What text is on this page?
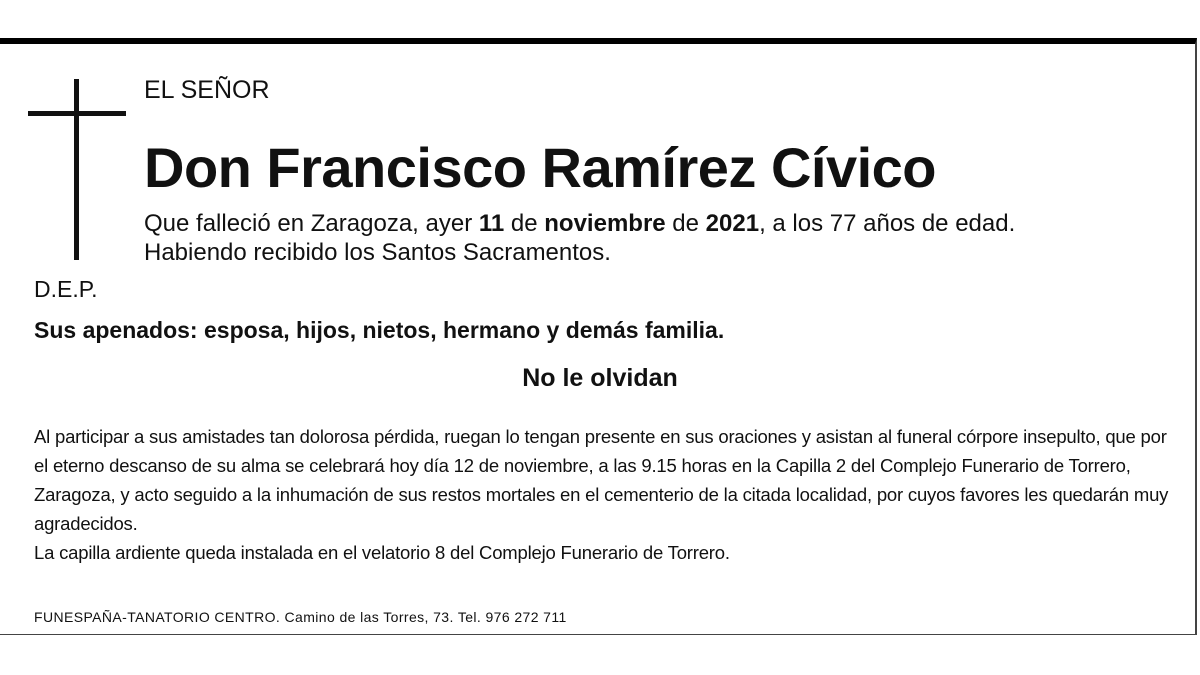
EL SEÑOR
Don Francisco Ramírez Cívico
Que falleció en Zaragoza, ayer 11 de noviembre de 2021, a los 77 años de edad.
Habiendo recibido los Santos Sacramentos.
D.E.P.
Sus apenados: esposa, hijos, nietos, hermano y demás familia.
No le olvidan

Al participar a sus amistades tan dolorosa pérdida, ruegan lo tengan presente en sus oraciones y asistan al funeral córpore insepulto, que por el eterno descanso de su alma se celebrará hoy día 12 de noviembre, a las 9.15 horas en la Capilla 2 del Complejo Funerario de Torrero, Zaragoza, y acto seguido a la inhumación de sus restos mortales en el cementerio de la citada localidad, por cuyos favores les quedarán muy agradecidos.

La capilla ardiente queda instalada en el velatorio 8 del Complejo Funerario de Torrero.

FUNESPAÑA-TANATORIO CENTRO. Camino de las Torres, 73. Tel. 976 272 711
